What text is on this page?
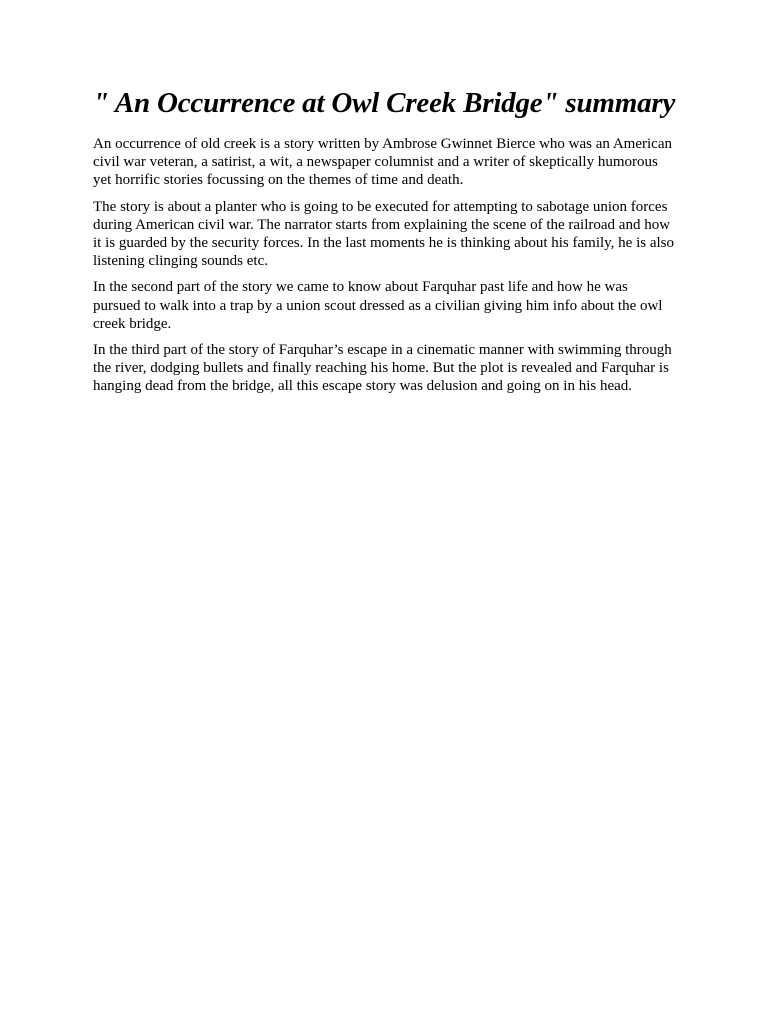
" An Occurrence at Owl Creek Bridge" summary

An occurrence of old creek is a story written by Ambrose Gwinnet Bierce who was an American civil war veteran, a satirist, a wit, a newspaper columnist and a writer of skeptically humorous yet horrific stories focussing on the themes of time and death.

The story is about a planter who is going to be executed for attempting to sabotage union forces during American civil war. The narrator starts from explaining the scene of the railroad and how it is guarded by the security forces. In the last moments he is thinking about his family, he is also listening clinging sounds etc.

In the second part of the story we came to know about Farquhar past life and how he was pursued to walk into a trap by a union scout dressed as a civilian giving him info about the owl creek bridge.

In the third part of the story of Farquhar’s escape in a cinematic manner with swimming through the river, dodging bullets and finally reaching his home. But the plot is revealed and Farquhar is hanging dead from the bridge, all this escape story was delusion and going on in his head.
